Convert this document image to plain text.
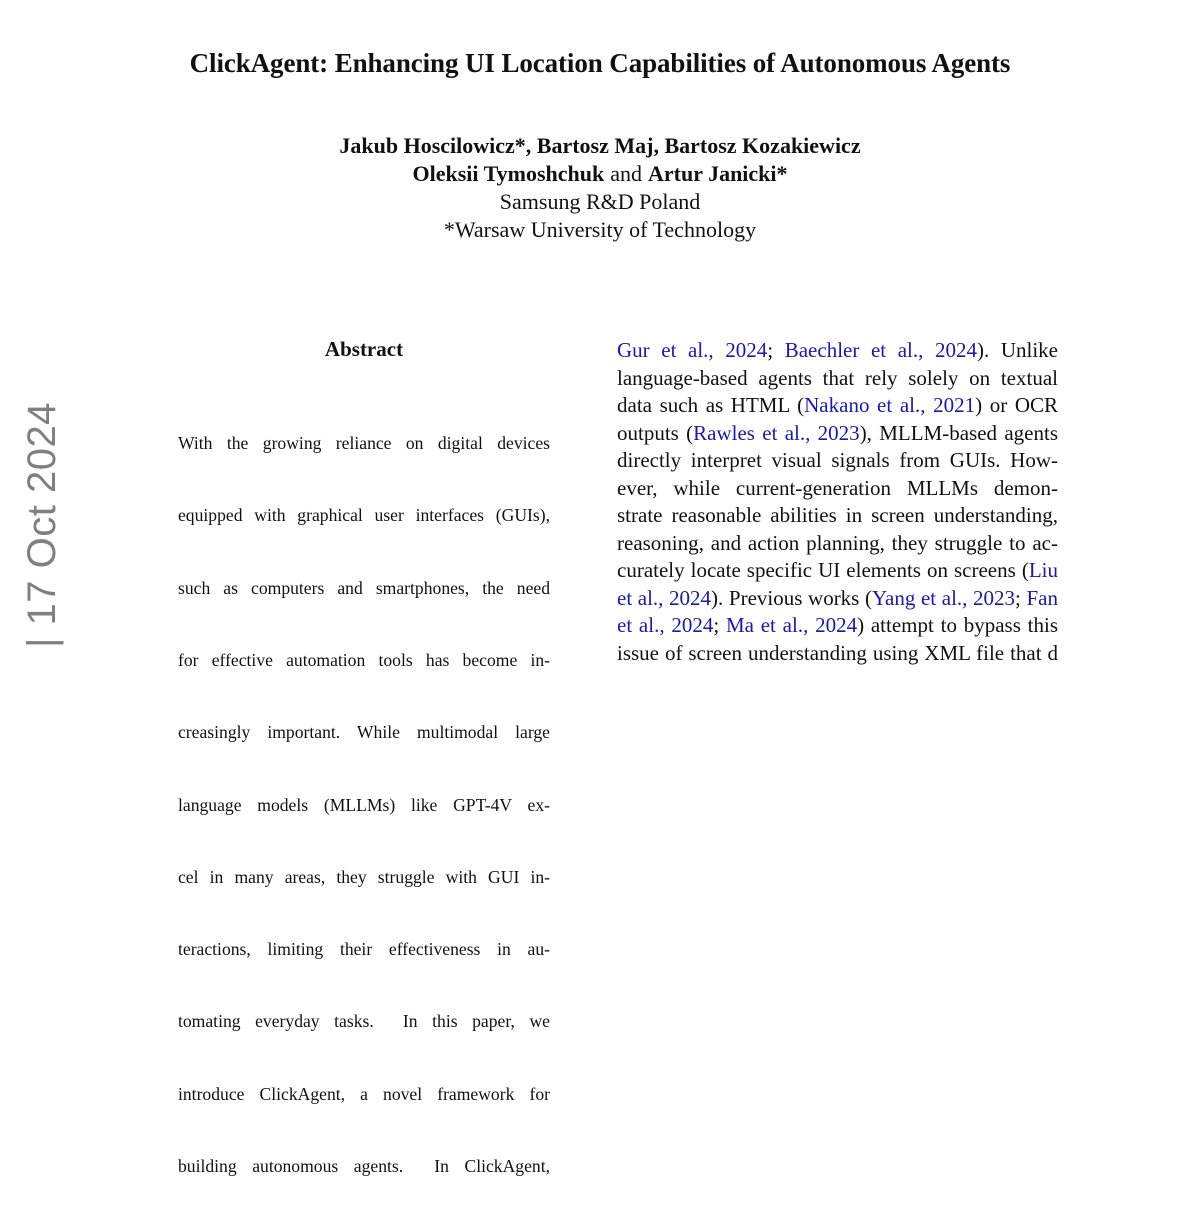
ClickAgent: Enhancing UI Location Capabilities of Autonomous Agents
Jakub Hoscilowicz*, Bartosz Maj, Bartosz Kozakiewicz
Oleksii Tymoshchuk and Artur Janicki*
Samsung R&D Poland
*Warsaw University of Technology
Abstract

With the growing reliance on digital devices

equipped with graphical user interfaces (GUIs),

such as computers and smartphones, the need

for effective automation tools has become in-

creasingly important. While multimodal large

language models (MLLMs) like GPT-4V ex-

cel in many areas, they struggle with GUI in-

teractions, limiting their effectiveness in au-

tomating everyday tasks.  In this paper, we

introduce ClickAgent, a novel framework for

building autonomous agents.  In ClickAgent,

Gur et al., 2024; Baechler et al., 2024). Unlike
language-based agents that rely solely on textual
data such as HTML (Nakano et al., 2021) or OCR
outputs (Rawles et al., 2023), MLLM-based agents
directly interpret visual signals from GUIs. How-
ever, while current-generation MLLMs demon-
strate reasonable abilities in screen understanding,
reasoning, and action planning, they struggle to ac-
curately locate specific UI elements on screens (Liu
et al., 2024). Previous works (Yang et al., 2023; Fan
et al., 2024; Ma et al., 2024) attempt to bypass this
issue of screen understanding using XML file that d
| 17 Oct 2024
